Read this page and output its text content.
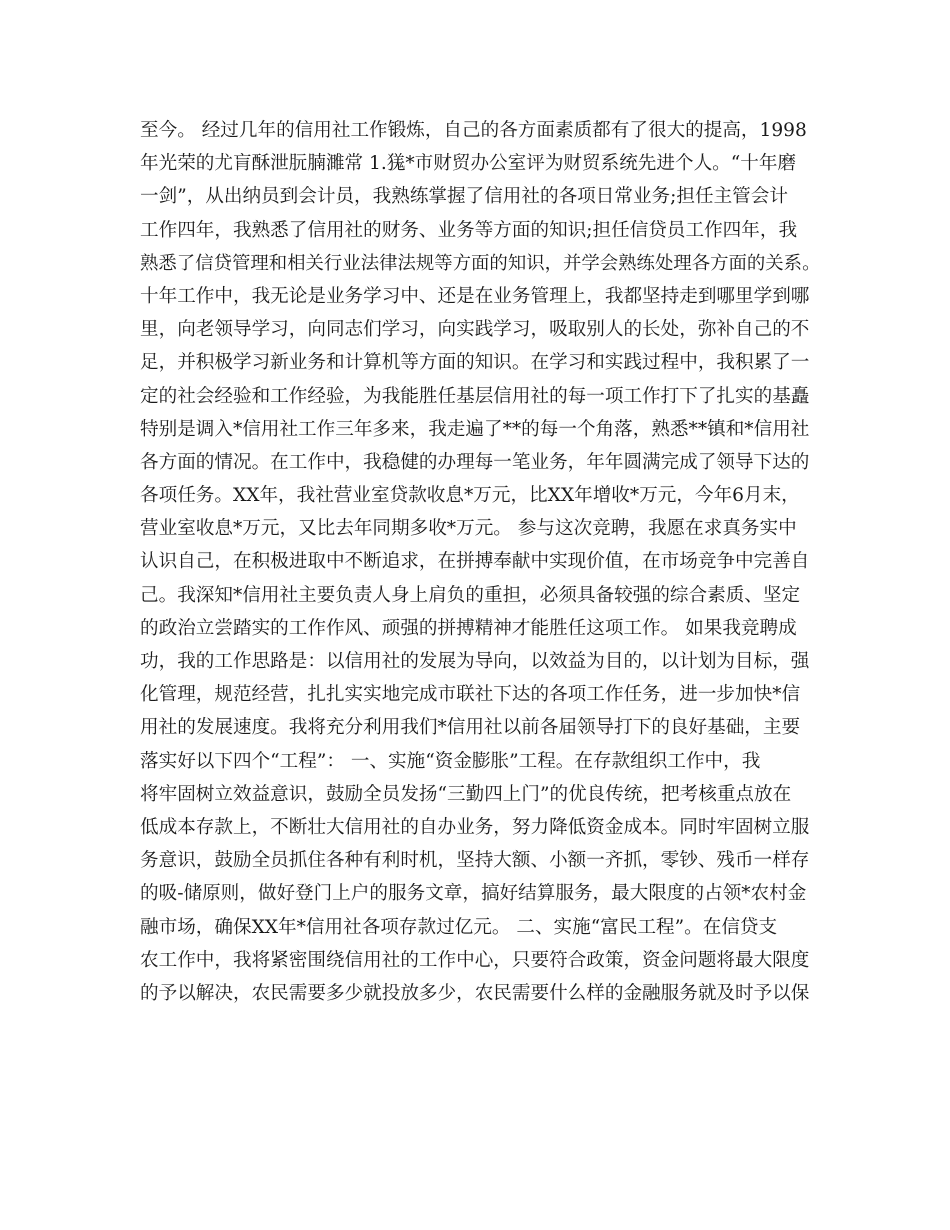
至今。 经过几年的信用社工作锻炼，自己的各方面素质都有了很大的提高，1998
年光荣的尤肓酥泄朊腩濉常 1.獇*市财贸办公室评为财贸系统先进个人。“十年磨
一剑”，从出纳员到会计员，我熟练掌握了信用社的各项日常业务;担任主管会计
工作四年，我熟悉了信用社的财务、业务等方面的知识;担任信贷员工作四年，我
熟悉了信贷管理和相关行业法律法规等方面的知识，并学会熟练处理各方面的关系。
十年工作中，我无论是业务学习中、还是在业务管理上，我都坚持走到哪里学到哪
里，向老领导学习，向同志们学习，向实践学习，吸取别人的长处，弥补自己的不
足，并积极学习新业务和计算机等方面的知识。在学习和实践过程中，我积累了一
定的社会经验和工作经验，为我能胜任基层信用社的每一项工作打下了扎实的基矗
特别是调入*信用社工作三年多来，我走遍了**的每一个角落，熟悉**镇和*信用社
各方面的情况。在工作中，我稳健的办理每一笔业务，年年圆满完成了领导下达的
各项任务。XX年，我社营业室贷款收息*万元，比XX年增收*万元，今年6月末，
营业室收息*万元，又比去年同期多收*万元。 参与这次竞聘，我愿在求真务实中
认识自己，在积极进取中不断追求，在拼搏奉献中实现价值，在市场竞争中完善自
己。我深知*信用社主要负责人身上肩负的重担，必须具备较强的综合素质、坚定
的政治立尝踏实的工作作风、顽强的拼搏精神才能胜任这项工作。 如果我竞聘成
功，我的工作思路是：以信用社的发展为导向，以效益为目的，以计划为目标，强
化管理，规范经营，扎扎实实地完成市联社下达的各项工作任务，进一步加快*信
用社的发展速度。我将充分利用我们*信用社以前各届领导打下的良好基础，主要
落实好以下四个“工程”： 一、实施“资金膨胀”工程。在存款组织工作中，我
将牢固树立效益意识，鼓励全员发扬“三勤四上门”的优良传统，把考核重点放在
低成本存款上，不断壮大信用社的自办业务，努力降低资金成本。同时牢固树立服
务意识，鼓励全员抓住各种有利时机，坚持大额、小额一齐抓，零钞、残币一样存
的吸-储原则，做好登门上户的服务文章，搞好结算服务，最大限度的占领*农村金
融市场，确保XX年*信用社各项存款过亿元。 二、实施“富民工程”。在信贷支
农工作中，我将紧密围绕信用社的工作中心，只要符合政策，资金问题将最大限度
的予以解决，农民需要多少就投放多少，农民需要什么样的金融服务就及时予以保
